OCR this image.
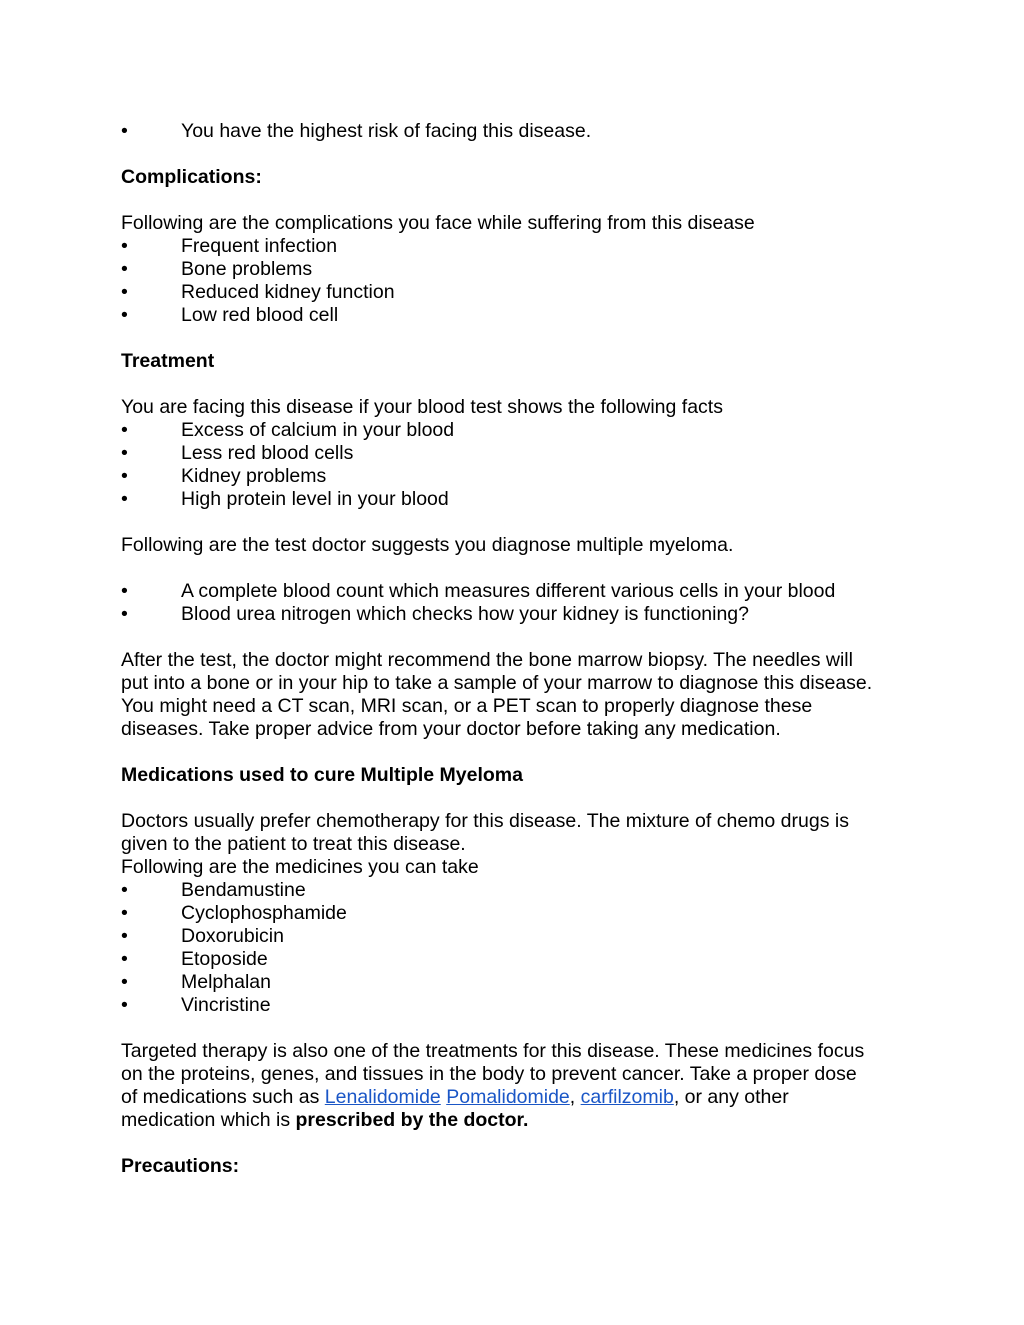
•	You have the highest risk of facing this disease.
Complications:
Following are the complications you face while suffering from this disease
•	Frequent infection
•	Bone problems
•	Reduced kidney function
•	Low red blood cell
Treatment
You are facing this disease if your blood test shows the following facts
•	Excess of calcium in your blood
•	Less red blood cells
•	Kidney problems
•	High protein level in your blood
Following are the test doctor suggests you diagnose multiple myeloma.
•	A complete blood count which measures different various cells in your blood
•	Blood urea nitrogen which checks how your kidney is functioning?
After the test, the doctor might recommend the bone marrow biopsy. The needles will
put into a bone or in your hip to take a sample of your marrow to diagnose this disease.
You might need a CT scan, MRI scan, or a PET scan to properly diagnose these
diseases. Take proper advice from your doctor before taking any medication.
Medications used to cure Multiple Myeloma
Doctors usually prefer chemotherapy for this disease. The mixture of chemo drugs is
given to the patient to treat this disease.
Following are the medicines you can take
•	Bendamustine
•	Cyclophosphamide
•	Doxorubicin
•	Etoposide
•	Melphalan
•	Vincristine
Targeted therapy is also one of the treatments for this disease. These medicines focus
on the proteins, genes, and tissues in the body to prevent cancer. Take a proper dose
of medications such as Lenalidomide Pomalidomide, carfilzomib, or any other
medication which is prescribed by the doctor.
Precautions:
